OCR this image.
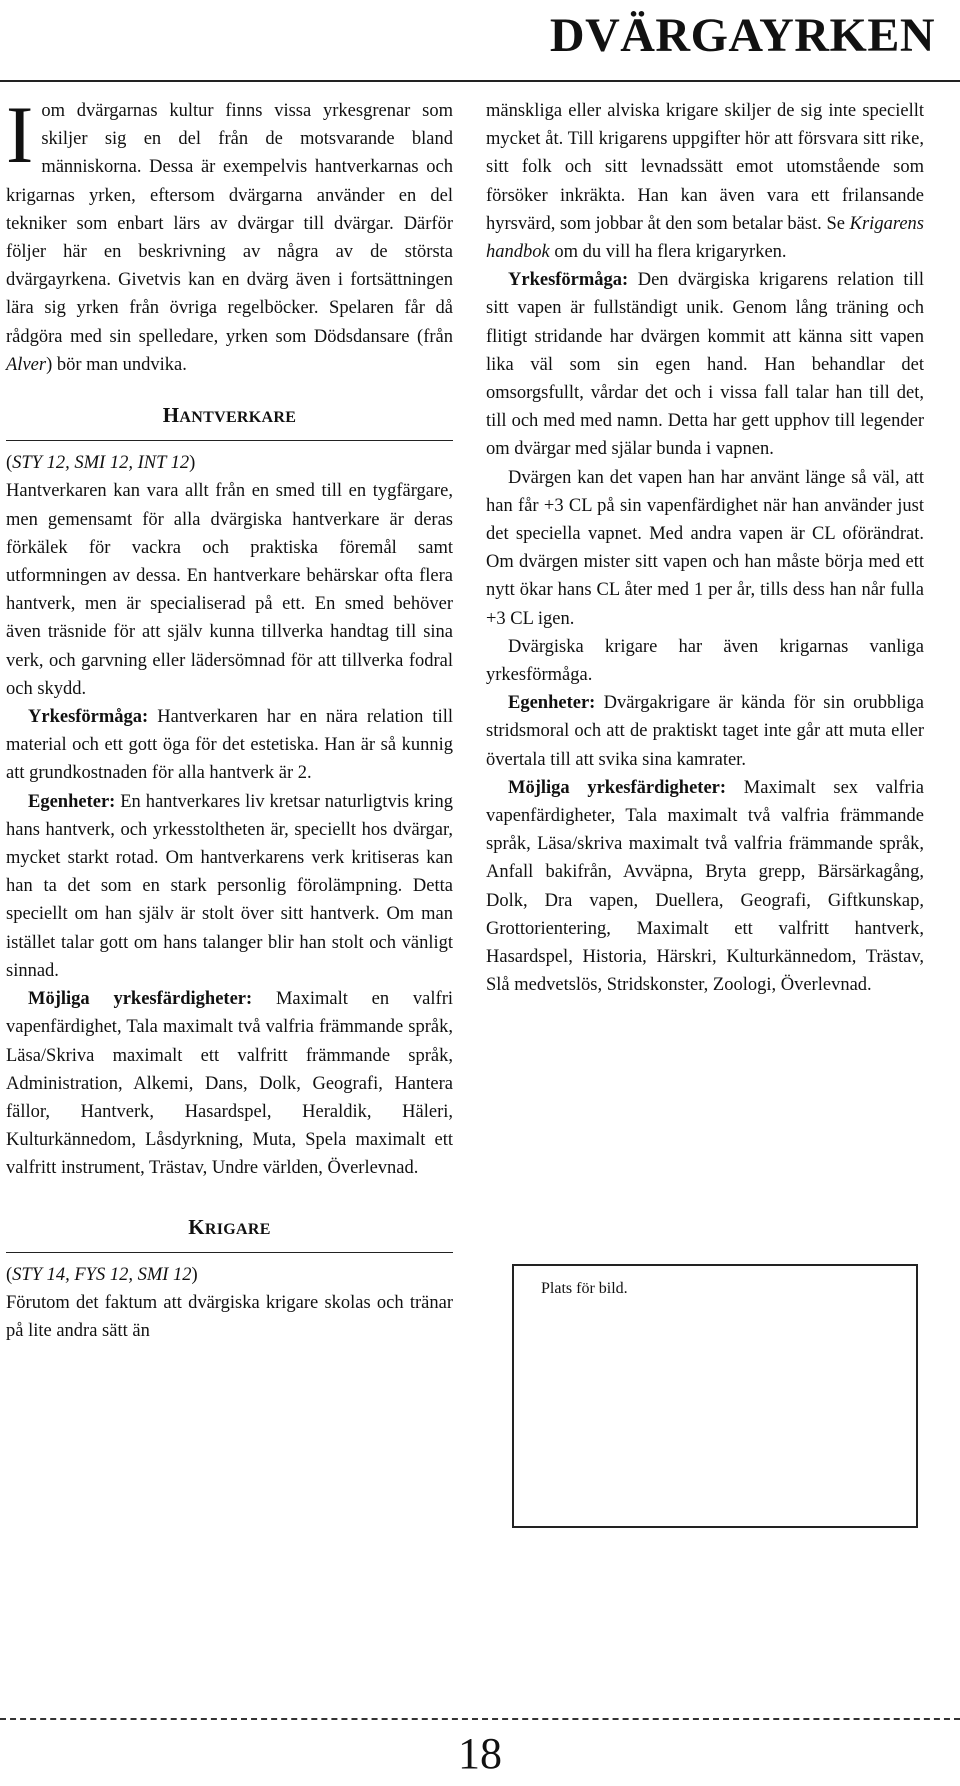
DVÄRGAYRKEN

Iom dvärgarnas kultur finns vissa yrkesgrenar som skiljer sig en del från de motsvarande bland människorna. Dessa är exempelvis hantverkarnas och krigarnas yrken, eftersom dvärgarna använder en del tekniker som enbart lärs av dvärgar till dvärgar. Därför följer här en beskrivning av några av de största dvärgayrkena. Givetvis kan en dvärg även i fortsättningen lära sig yrken från övriga regelböcker. Spelaren får då rådgöra med sin spelledare, yrken som Dödsdansare (från Alver) bör man undvika.

HANTVERKARE

(STY 12, SMI 12, INT 12)

Hantverkaren kan vara allt från en smed till en tygfärgare, men gemensamt för alla dvärgiska hantverkare är deras förkälek för vackra och praktiska föremål samt utformningen av dessa. En hantverkare behärskar ofta flera hantverk, men är specialiserad på ett. En smed behöver även träsnide för att själv kunna tillverka handtag till sina verk, och garvning eller lädersömnad för att tillverka fodral och skydd.

Yrkesförmåga: Hantverkaren har en nära relation till material och ett gott öga för det estetiska. Han är så kunnig att grundkostnaden för alla hantverk är 2.

Egenheter: En hantverkares liv kretsar naturligtvis kring hans hantverk, och yrkesstoltheten är, speciellt hos dvärgar, mycket starkt rotad. Om hantverkarens verk kritiseras kan han ta det som en stark personlig förolämpning. Detta speciellt om han själv är stolt över sitt hantverk. Om man istället talar gott om hans talanger blir han stolt och vänligt sinnad.

Möjliga yrkesfärdigheter: Maximalt en valfri vapenfärdighet, Tala maximalt två valfria främmande språk, Läsa/Skriva maximalt ett valfritt främmande språk, Administration, Alkemi, Dans, Dolk, Geografi, Hantera fällor, Hantverk, Hasardspel, Heraldik, Häleri, Kulturkännedom, Låsdyrkning, Muta, Spela maximalt ett valfritt instrument, Trästav, Undre världen, Överlevnad.

KRIGARE

(STY 14, FYS 12, SMI 12)

Förutom det faktum att dvärgiska krigare skolas och tränar på lite andra sätt än

mänskliga eller alviska krigare skiljer de sig inte speciellt mycket åt. Till krigarens uppgifter hör att försvara sitt rike, sitt folk och sitt levnadssätt emot utomstående som försöker inkräkta. Han kan även vara ett frilansande hyrsvärd, som jobbar åt den som betalar bäst. Se Krigarens handbok om du vill ha flera krigaryrken.

Yrkesförmåga: Den dvärgiska krigarens relation till sitt vapen är fullständigt unik. Genom lång träning och flitigt stridande har dvärgen kommit att känna sitt vapen lika väl som sin egen hand. Han behandlar det omsorgsfullt, vårdar det och i vissa fall talar han till det, till och med med namn. Detta har gett upphov till legender om dvärgar med själar bunda i vapnen.

Dvärgen kan det vapen han har använt länge så väl, att han får +3 CL på sin vapenfärdighet när han använder just det speciella vapnet. Med andra vapen är CL oförändrat. Om dvärgen mister sitt vapen och han måste börja med ett nytt ökar hans CL åter med 1 per år, tills dess han når fulla +3 CL igen.

Dvärgiska krigare har även krigarnas vanliga yrkesförmåga.

Egenheter: Dvärgakrigare är kända för sin orubbliga stridsmoral och att de praktiskt taget inte går att muta eller övertala till att svika sina kamrater.

Möjliga yrkesfärdigheter: Maximalt sex valfria vapenfärdigheter, Tala maximalt två valfria främmande språk, Läsa/skriva maximalt två valfria främmande språk, Anfall bakifrån, Avväpna, Bryta grepp, Bärsärkagång, Dolk, Dra vapen, Duellera, Geografi, Giftkunskap, Grottorientering, Maximalt ett valfritt hantverk, Hasardspel, Historia, Härskri, Kulturkännedom, Trästav, Slå medvetslös, Stridskonster, Zoologi, Överlevnad.

Plats för bild.
18
